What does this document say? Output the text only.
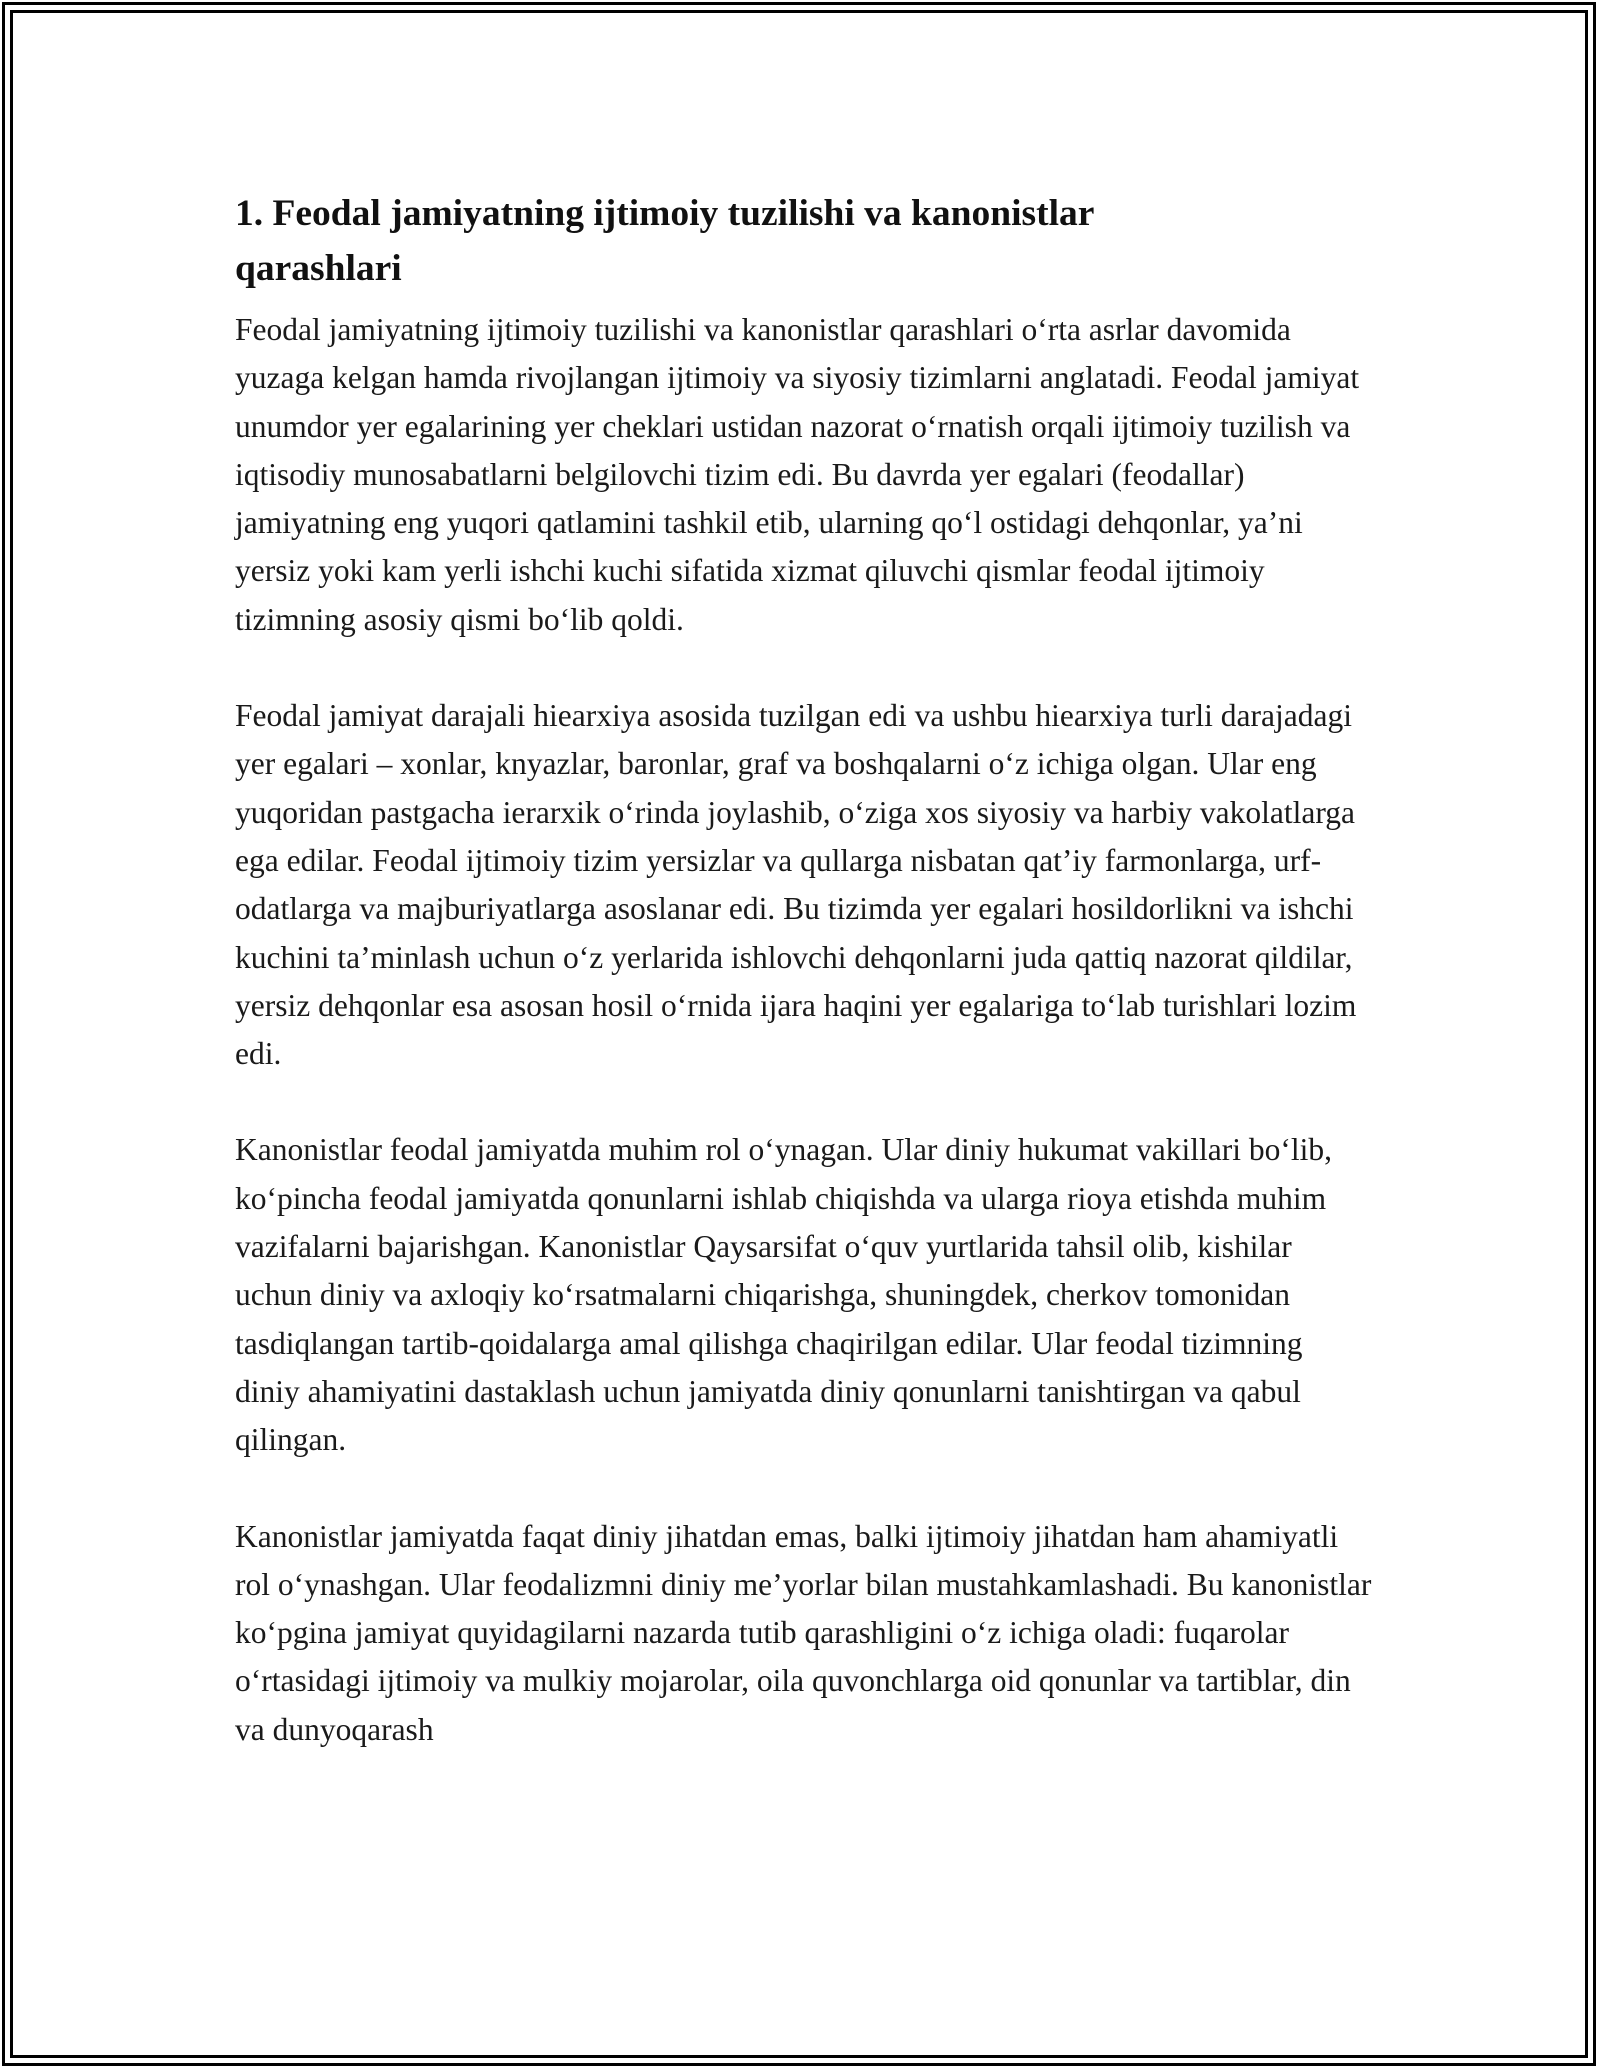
1. Feodal jamiyatning ijtimoiy tuzilishi va kanonistlar qarashlari

Feodal jamiyatning ijtimoiy tuzilishi va kanonistlar qarashlari o‘rta asrlar davomida yuzaga kelgan hamda rivojlangan ijtimoiy va siyosiy tizimlarni anglatadi. Feodal jamiyat unumdor yer egalarining yer cheklari ustidan nazorat o‘rnatish orqali ijtimoiy tuzilish va iqtisodiy munosabatlarni belgilovchi tizim edi. Bu davrda yer egalari (feodallar) jamiyatning eng yuqori qatlamini tashkil etib, ularning qo‘l ostidagi dehqonlar, ya’ni yersiz yoki kam yerli ishchi kuchi sifatida xizmat qiluvchi qismlar feodal ijtimoiy tizimning asosiy qismi bo‘lib qoldi.

Feodal jamiyat darajali hiearxiya asosida tuzilgan edi va ushbu hiearxiya turli darajadagi yer egalari – xonlar, knyazlar, baronlar, graf va boshqalarni o‘z ichiga olgan. Ular eng yuqoridan pastgacha ierarxik o‘rinda joylashib, o‘ziga xos siyosiy va harbiy vakolatlarga ega edilar. Feodal ijtimoiy tizim yersizlar va qullarga nisbatan qat’iy farmonlarga, urf-odatlarga va majburiyatlarga asoslanar edi. Bu tizimda yer egalari hosildorlikni va ishchi kuchini ta’minlash uchun o‘z yerlarida ishlovchi dehqonlarni juda qattiq nazorat qildilar, yersiz dehqonlar esa asosan hosil o‘rnida ijara haqini yer egalariga to‘lab turishlari lozim edi.

Kanonistlar feodal jamiyatda muhim rol o‘ynagan. Ular diniy hukumat vakillari bo‘lib, ko‘pincha feodal jamiyatda qonunlarni ishlab chiqishda va ularga rioya etishda muhim vazifalarni bajarishgan. Kanonistlar Qaysarsifat o‘quv yurtlarida tahsil olib, kishilar uchun diniy va axloqiy ko‘rsatmalarni chiqarishga, shuningdek, cherkov tomonidan tasdiqlangan tartib-qoidalarga amal qilishga chaqirilgan edilar. Ular feodal tizimning diniy ahamiyatini dastaklash uchun jamiyatda diniy qonunlarni tanishtirgan va qabul qilingan.

Kanonistlar jamiyatda faqat diniy jihatdan emas, balki ijtimoiy jihatdan ham ahamiyatli rol o‘ynashgan. Ular feodalizmni diniy me’yorlar bilan mustahkamlashadi. Bu kanonistlar ko‘pgina jamiyat quyidagilarni nazarda tutib qarashligini o‘z ichiga oladi: fuqarolar o‘rtasidagi ijtimoiy va mulkiy mojarolar, oila quvonchlarga oid qonunlar va tartiblar, din va dunyoqarash
